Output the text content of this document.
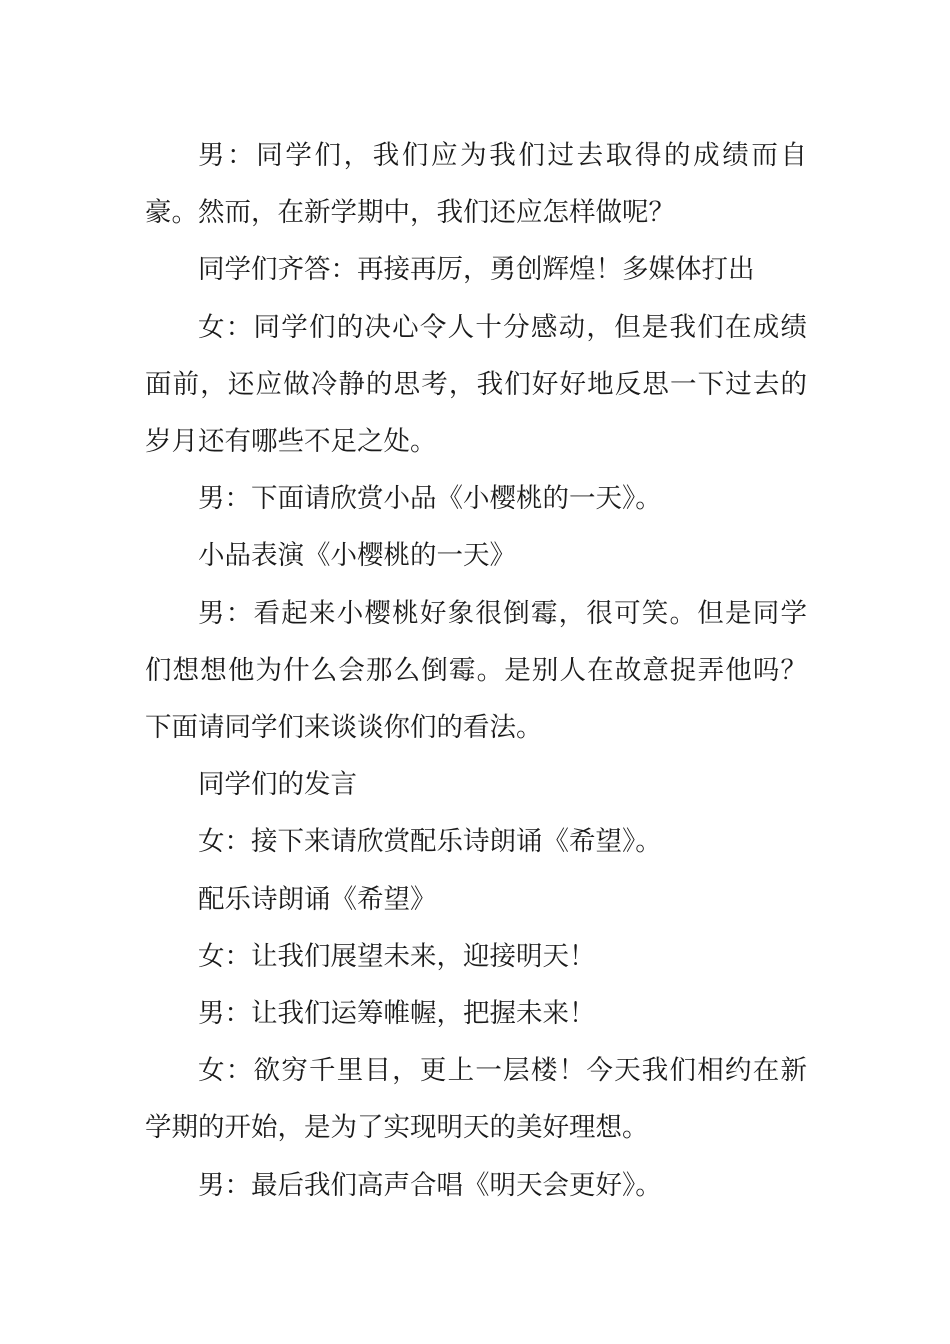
男：同学们，我们应为我们过去取得的成绩而自豪。然而，在新学期中，我们还应怎样做呢？

同学们齐答：再接再厉，勇创辉煌！多媒体打出

女：同学们的决心令人十分感动，但是我们在成绩面前，还应做冷静的思考，我们好好地反思一下过去的岁月还有哪些不足之处。

男：下面请欣赏小品《小樱桃的一天》。

小品表演《小樱桃的一天》

男：看起来小樱桃好象很倒霉，很可笑。但是同学们想想他为什么会那么倒霉。是别人在故意捉弄他吗？下面请同学们来谈谈你们的看法。

同学们的发言

女：接下来请欣赏配乐诗朗诵《希望》。

配乐诗朗诵《希望》

女：让我们展望未来，迎接明天！

男：让我们运筹帷幄，把握未来！

女：欲穷千里目，更上一层楼！今天我们相约在新学期的开始，是为了实现明天的美好理想。

男：最后我们高声合唱《明天会更好》。
